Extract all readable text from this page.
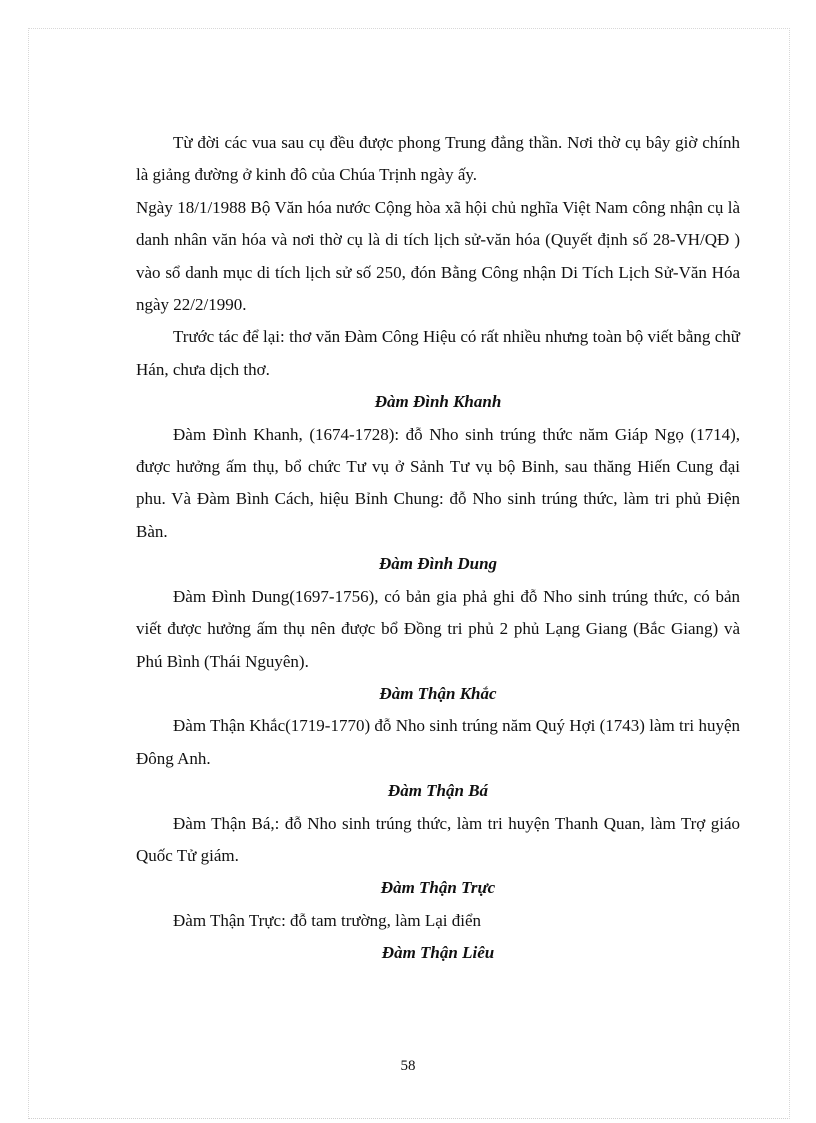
Từ đời các vua sau cụ đều được phong Trung đẳng thần. Nơi thờ cụ bây giờ chính là giảng đường ở kinh đô của Chúa Trịnh ngày ấy.

Ngày 18/1/1988 Bộ Văn hóa nước Cộng hòa xã hội chủ nghĩa Việt Nam công nhận cụ là danh nhân văn hóa và nơi thờ cụ là di tích lịch sử-văn hóa (Quyết định số 28-VH/QĐ ) vào sổ danh mục di tích lịch sử số 250, đón Bằng Công nhận Di Tích Lịch Sử-Văn Hóa ngày 22/2/1990.

Trước tác để lại: thơ văn Đàm Công Hiệu có rất nhiều nhưng toàn bộ viết bằng chữ Hán, chưa dịch thơ.

Đàm Đình Khanh

Đàm Đình Khanh, (1674-1728): đỗ Nho sinh trúng thức năm Giáp Ngọ (1714), được hưởng ấm thụ, bổ chức Tư vụ ở Sảnh Tư vụ bộ Binh, sau thăng Hiến Cung đại phu. Và Đàm Bình Cách, hiệu Bỉnh Chung: đỗ Nho sinh trúng thức, làm tri phủ Điện Bàn.

Đàm Đình Dung

Đàm Đình Dung(1697-1756), có bản gia phả ghi đỗ Nho sinh trúng thức, có bản viết được hưởng ấm thụ nên được bổ Đồng tri phủ 2 phủ Lạng Giang (Bắc Giang) và Phú Bình (Thái Nguyên).

Đàm Thận Khắc

Đàm Thận Khắc(1719-1770) đỗ Nho sinh trúng năm Quý Hợi (1743) làm tri huyện Đông Anh.

Đàm Thận Bá

Đàm Thận Bá,: đỗ Nho sinh trúng thức, làm tri huyện Thanh Quan, làm Trợ giáo Quốc Tử giám.

Đàm Thận Trực

Đàm Thận Trực: đỗ tam trường, làm Lại điển

Đàm Thận Liêu

58
